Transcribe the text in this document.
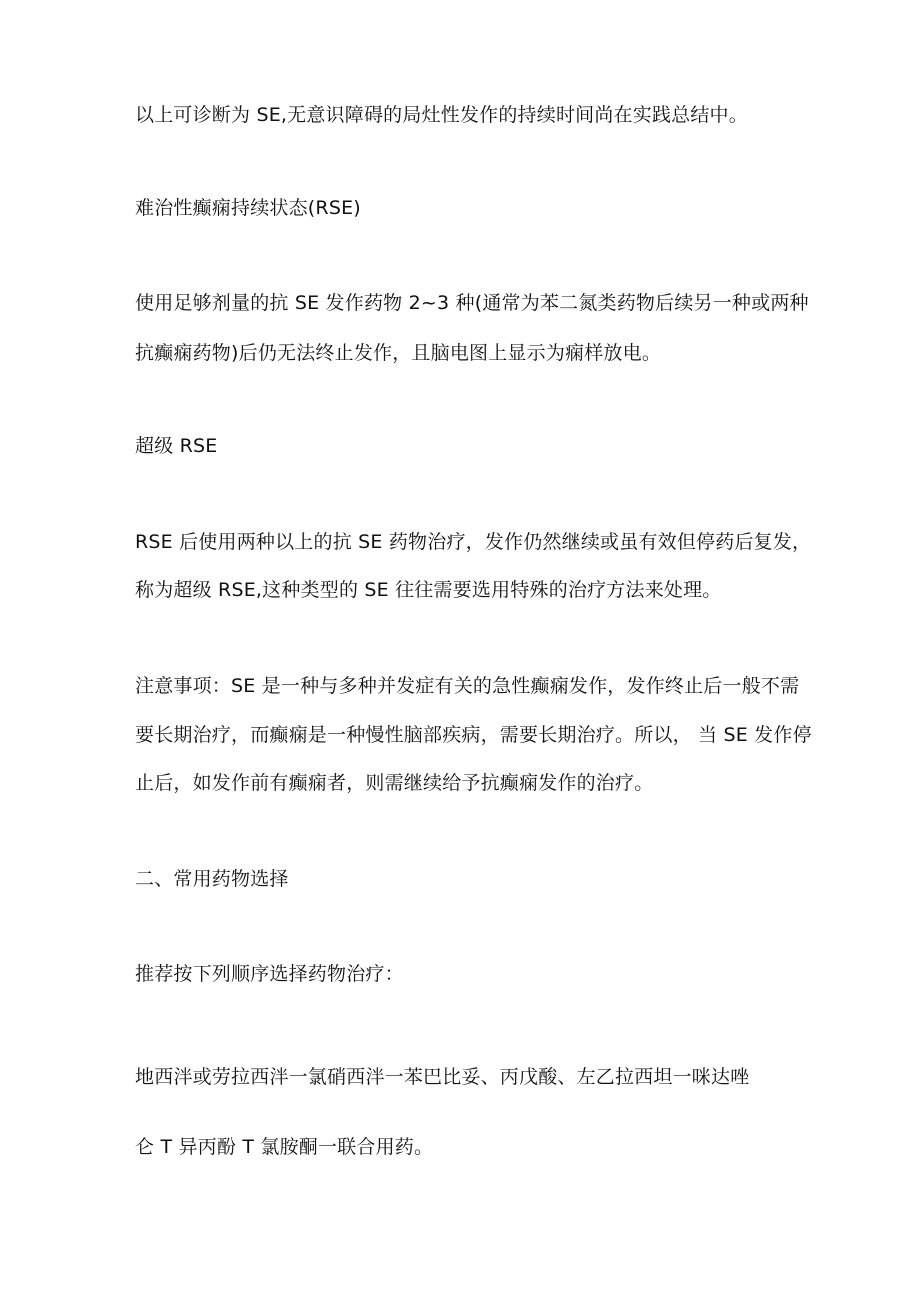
以上可诊断为 SE,无意识障碍的局灶性发作的持续时间尚在实践总结中。
难治性癫痫持续状态(RSE)
使用足够剂量的抗 SE 发作药物 2~3 种(通常为苯二氮类药物后续另一种或两种
抗癫痫药物)后仍无法终止发作，且脑电图上显示为痫样放电。
超级 RSE
RSE 后使用两种以上的抗 SE 药物治疗，发作仍然继续或虽有效但停药后复发，
称为超级 RSE,这种类型的 SE 往往需要选用特殊的治疗方法来处理。
注意事项：SE 是一种与多种并发症有关的急性癫痫发作，发作终止后一般不需
要长期治疗，而癫痫是一种慢性脑部疾病，需要长期治疗。所以， 当 SE 发作停
止后，如发作前有癫痫者，则需继续给予抗癫痫发作的治疗。
二、常用药物选择
推荐按下列顺序选择药物治疗：
地西泮或劳拉西泮一氯硝西泮一苯巴比妥、丙戊酸、左乙拉西坦一咪达唑
仑 T 异丙酚 T 氯胺酮一联合用药。
